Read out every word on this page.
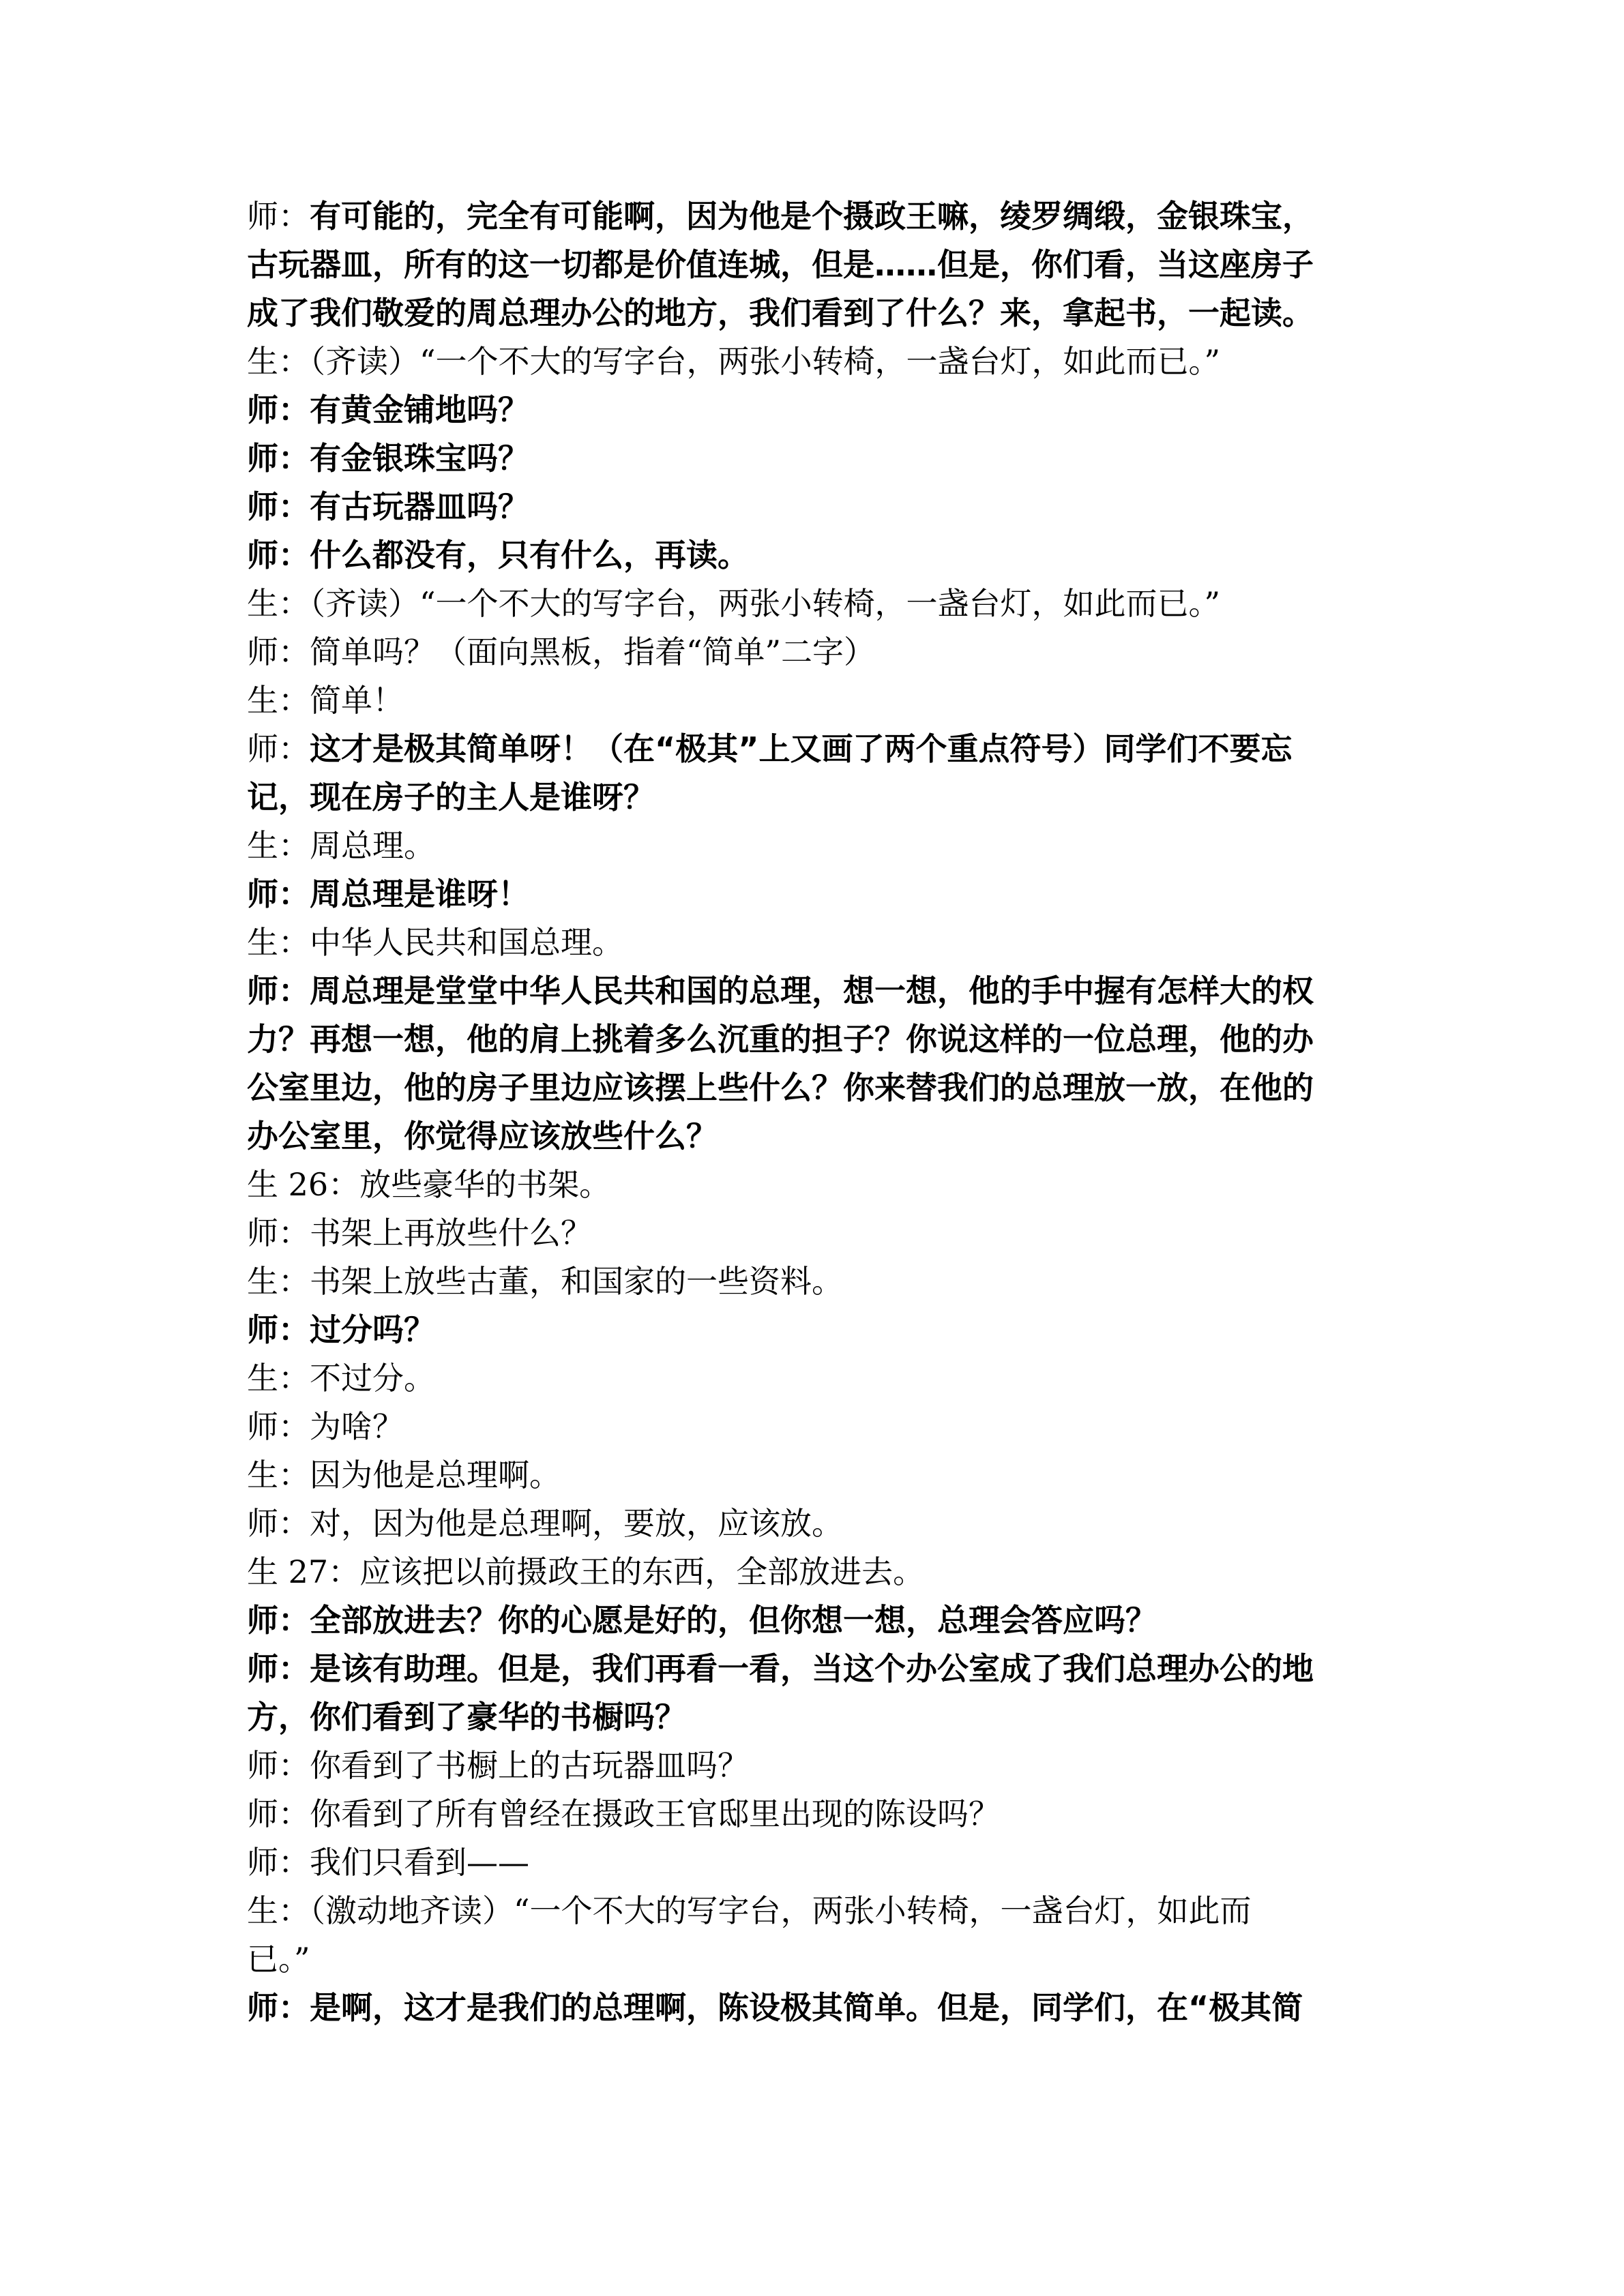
师：有可能的，完全有可能啊，因为他是个摄政王嘛，绫罗绸缎，金银珠宝，
古玩器皿，所有的这一切都是价值连城，但是……但是，你们看，当这座房子
成了我们敬爱的周总理办公的地方，我们看到了什么？来，拿起书，一起读。
生：（齐读）“一个不大的写字台，两张小转椅，一盏台灯，如此而已。”
师：有黄金铺地吗？
师：有金银珠宝吗？
师：有古玩器皿吗？
师：什么都没有，只有什么，再读。
生：（齐读）“一个不大的写字台，两张小转椅，一盏台灯，如此而已。”
师：简单吗？（面向黑板，指着“简单”二字）
生：简单！
师：这才是极其简单呀！（在“极其”上又画了两个重点符号）同学们不要忘
记，现在房子的主人是谁呀？
生：周总理。
师：周总理是谁呀！
生：中华人民共和国总理。
师：周总理是堂堂中华人民共和国的总理，想一想，他的手中握有怎样大的权
力？再想一想，他的肩上挑着多么沉重的担子？你说这样的一位总理，他的办
公室里边，他的房子里边应该摆上些什么？你来替我们的总理放一放，在他的
办公室里，你觉得应该放些什么？
生 26：放些豪华的书架。
师：书架上再放些什么？
生：书架上放些古董，和国家的一些资料。
师：过分吗？
生：不过分。
师：为啥？
生：因为他是总理啊。
师：对，因为他是总理啊，要放，应该放。
生 27：应该把以前摄政王的东西，全部放进去。
师：全部放进去？你的心愿是好的，但你想一想，总理会答应吗？
师：是该有助理。但是，我们再看一看，当这个办公室成了我们总理办公的地
方，你们看到了豪华的书橱吗？
师：你看到了书橱上的古玩器皿吗？
师：你看到了所有曾经在摄政王官邸里出现的陈设吗？
师：我们只看到——
生：（激动地齐读）“一个不大的写字台，两张小转椅，一盏台灯，如此而
已。”
师：是啊，这才是我们的总理啊，陈设极其简单。但是，同学们，在“极其简
